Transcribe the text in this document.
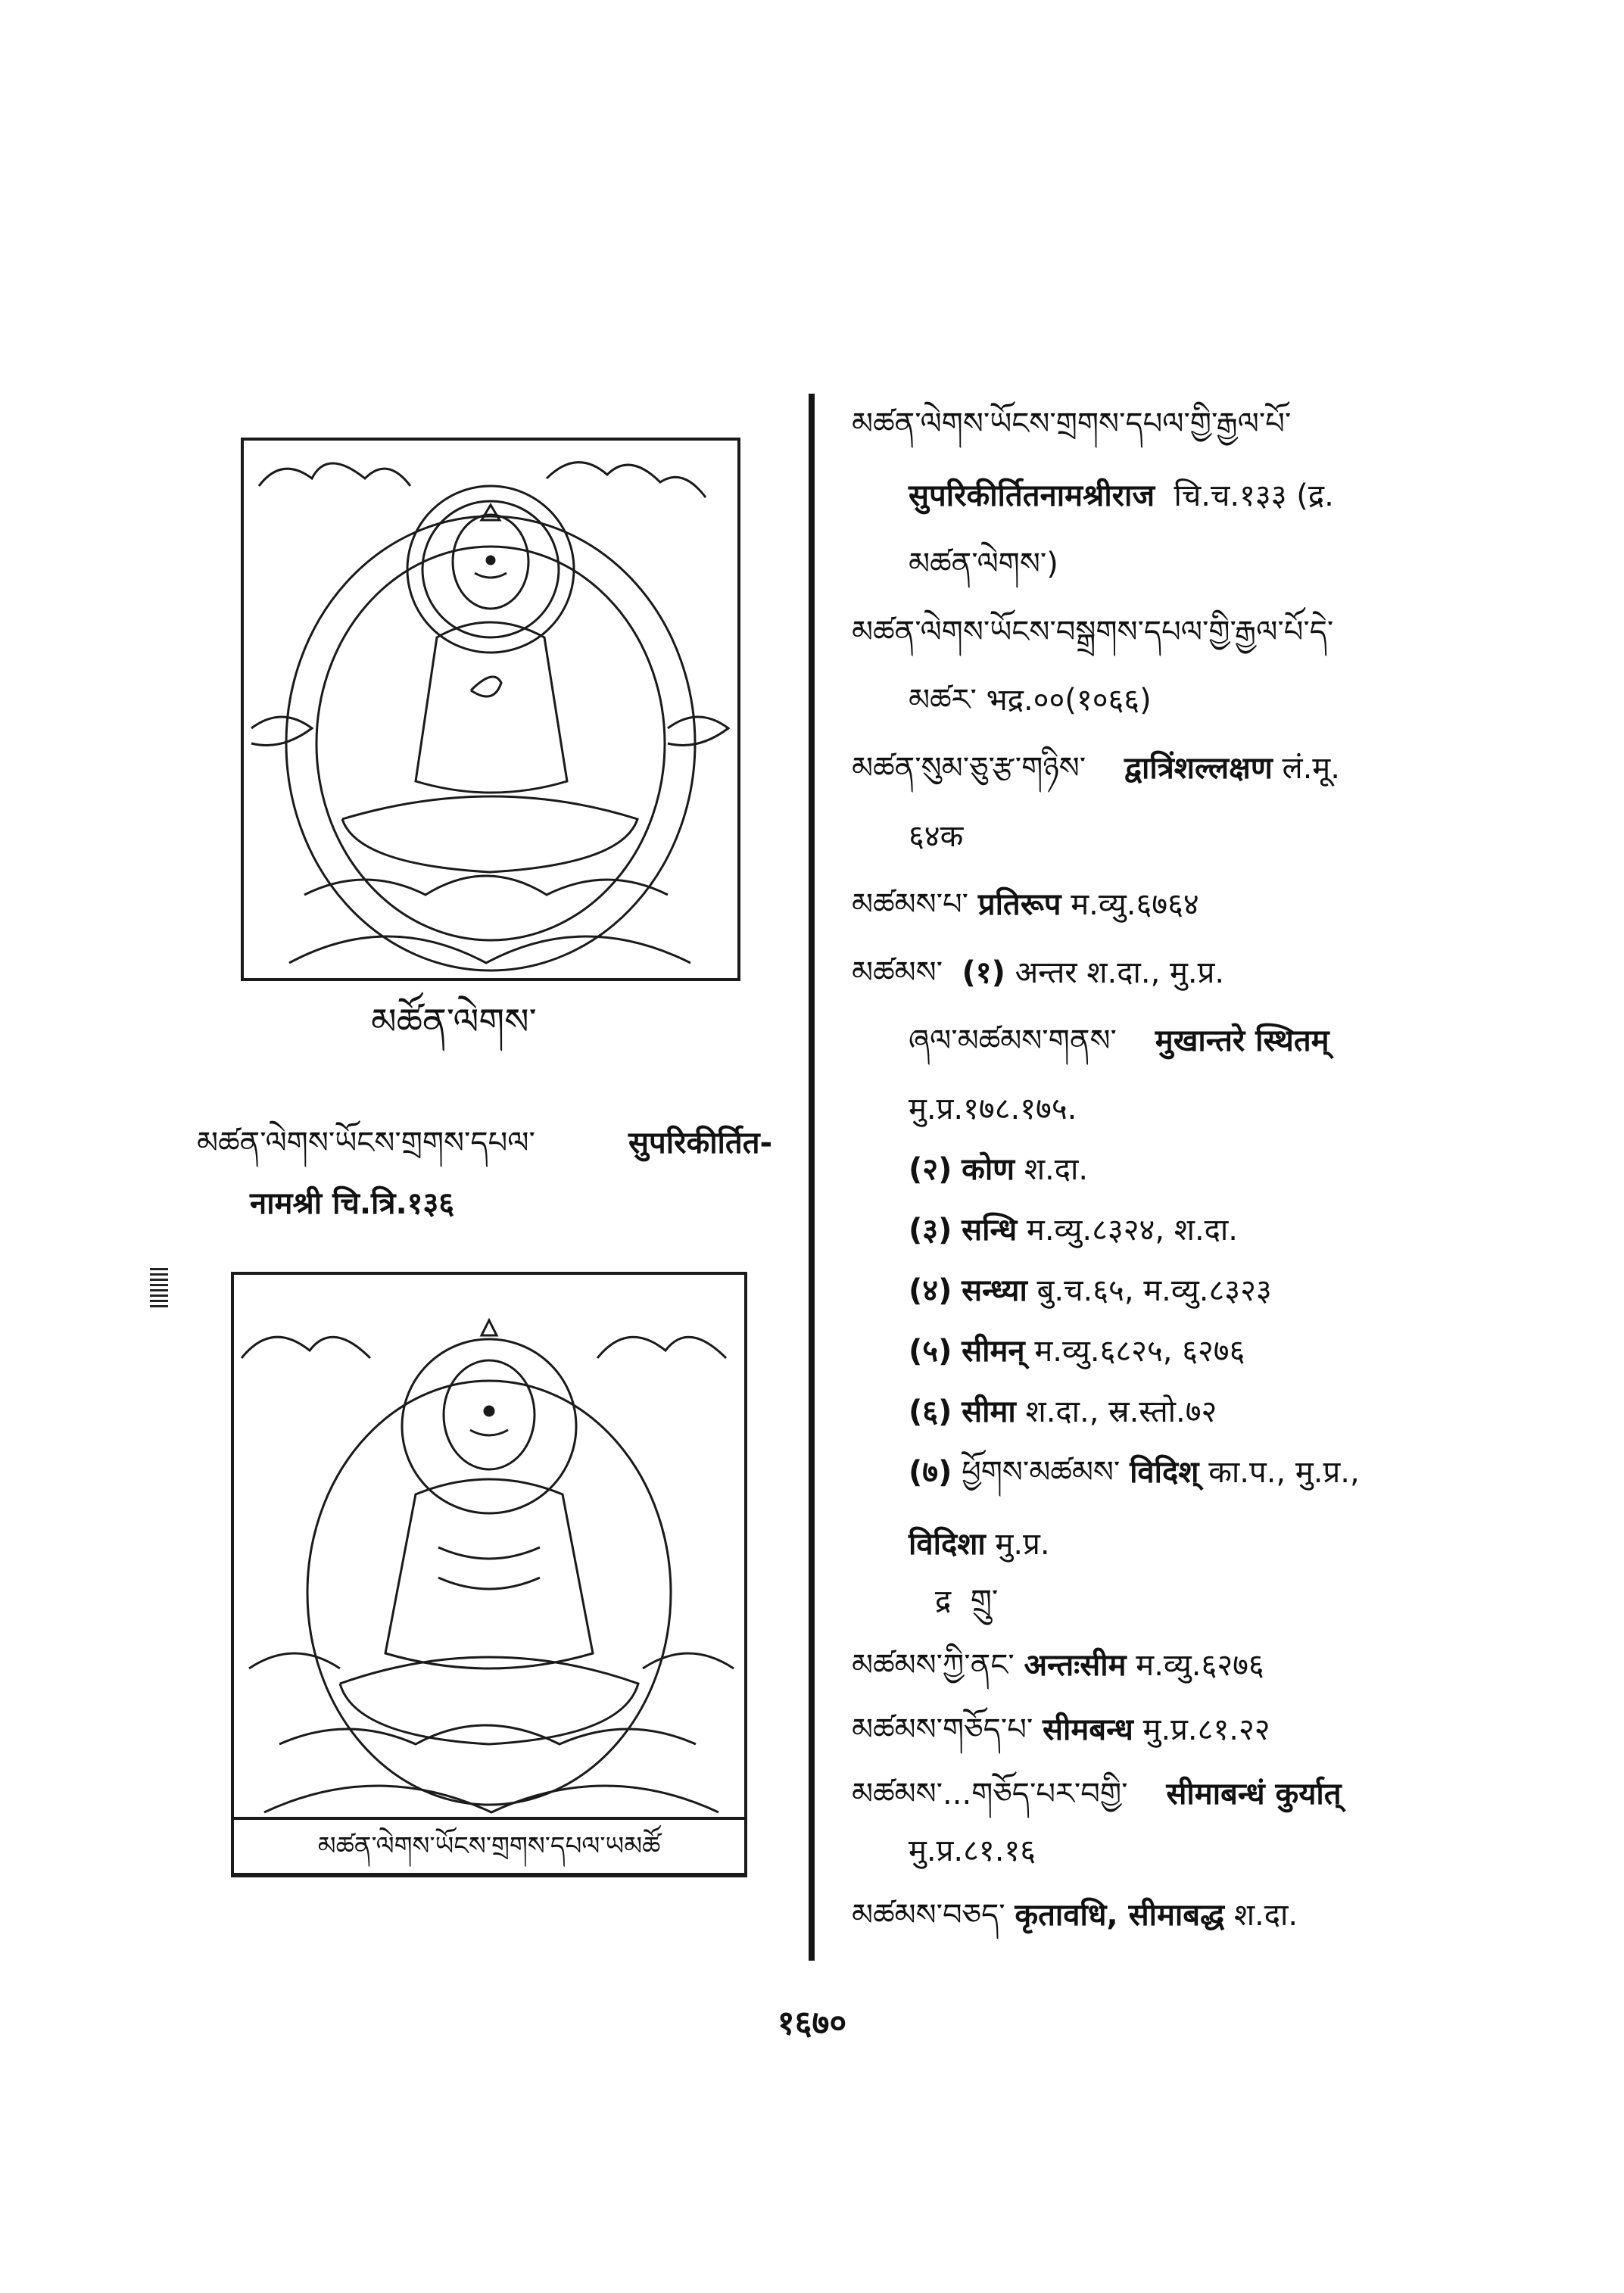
མཚོན་ལེགས་
མཚན་ལེགས་ཡོངས་གྲགས་དཔལ་	सुपरिकीर्तित-
नामश्री चि.त्रि.१३६
མཚན་ལེགས་ཡོངས་གྲགས་དཔལ་ཡམཚོ
མཚན་ལེགས་ཡོངས་གྲགས་དཔལ་གྱི་རྒྱལ་པོ་
सुपरिकीर्तितनामश्रीराज चि.च.१३३ (द्र.
མཚན་ལེགས་)
མཚན་ལེགས་ཡོངས་བསྒྲགས་དཔལ་གྱི་རྒྱལ་པོ་དེ་
མཚར་ भद्र.००(१०६६)
མཚན་སུམ་ཅུ་རྩ་གཉིས་ द्वात्रिंशल्लक्षण लं.मू.
६४क
མཚམས་པ་ प्रतिरूप म.व्यु.६७६४
མཚམས་ (१) अन्तर श.दा., मु.प्र.
ཞལ་མཚམས་གནས་ मुखान्तरे स्थितम्
मु.प्र.१७८.१७५.
(२) कोण श.दा.
(३) सन्धि म.व्यु.८३२४, श.दा.
(४) सन्ध्या बु.च.६५, म.व्यु.८३२३
(५) सीमन् म.व्यु.६८२५, ६२७६
(६) सीमा श.दा., स्र.स्तो.७२
(७) ཕྱོགས་མཚམས་ विदिश् का.प., मु.प्र.,
विदिशा मु.प्र.
द्र གྲུ་
མཚམས་ཀྱི་ནང་ अन्तःसीम म.व्यु.६२७६
མཚམས་གཅོད་པ་ सीमबन्ध मु.प्र.८१.२२
མཚམས་...གཅོད་པར་བགྱི་ सीमाबन्धं कुर्यात्
मु.प्र.८१.१६
མཚམས་བཅད་ कृतावधि, सीमाबद्ध श.दा.
१६७०
